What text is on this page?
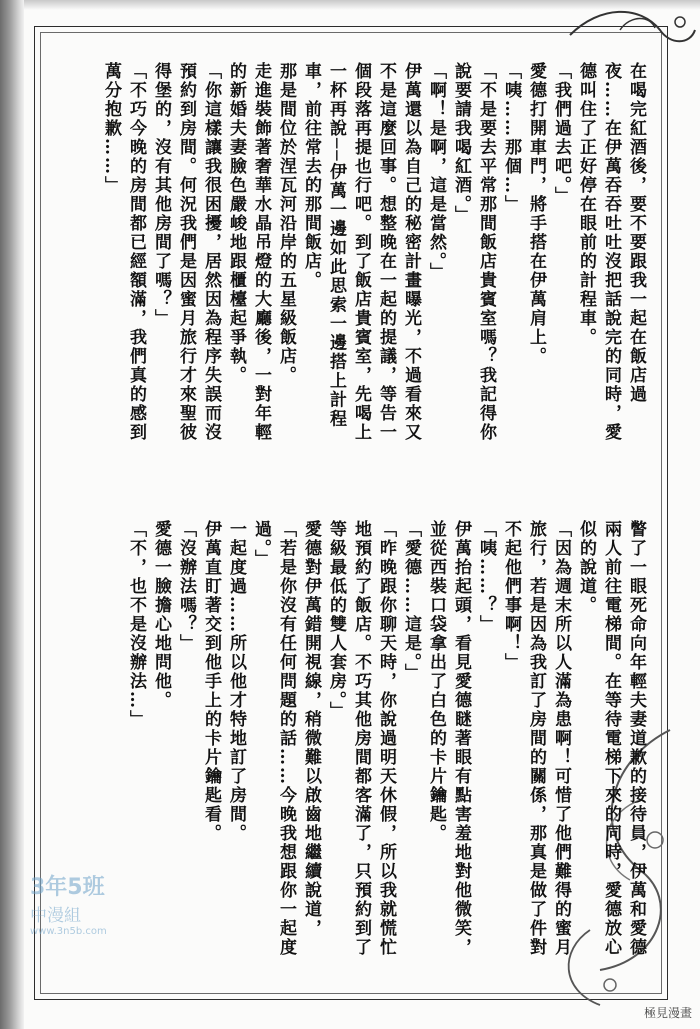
在喝完紅酒後，要不要跟我一起在飯店過夜……在伊萬吞吞吐吐沒把話說完的同時，愛德叫住了正好停在眼前的計程車。

「我們過去吧。」

愛德打開車門，將手搭在伊萬肩上。

「咦……那個…」

「不是要去平常那間飯店貴賓室嗎？我記得你說要請我喝紅酒。」

「啊！是啊，這是當然。」

伊萬還以為自己的秘密計畫曝光，不過看來又不是這麼回事。想整晚在一起的提議，等告一個段落再提也行吧。到了飯店貴賓室，先喝上一杯再說──伊萬一邊如此思索一邊搭上計程車，前往常去的那間飯店。

那是間位於涅瓦河沿岸的五星級飯店。

走進裝飾著奢華水晶吊燈的大廳後，一對年輕的新婚夫妻臉色嚴峻地跟櫃檯起爭執。

「你這樣讓我很困擾，居然因為程序失誤而沒預約到房間。何況我們是因蜜月旅行才來聖彼得堡的，沒有其他房間了嗎？」

「不巧今晚的房間都已經額滿，我們真的感到萬分抱歉……」

瞥了一眼死命向年輕夫妻道歉的接待員，伊萬和愛德兩人前往電梯間。在等待電梯下來的同時，愛德放心似的說道。

「因為週末所以人滿為患啊！可惜了他們難得的蜜月旅行，若是因為我訂了房間的關係，那真是做了件對不起他們事啊！」

「咦……？」

伊萬抬起頭，看見愛德瞇著眼有點害羞地對他微笑，並從西裝口袋拿出了白色的卡片鑰匙。

「愛德……這是。」

「昨晚跟你聊天時，你說過明天休假，所以我就慌忙地預約了飯店。不巧其他房間都客滿了，只預約到了等級最低的雙人套房。」

愛德對伊萬錯開視線，稍微難以啟齒地繼續說道，

「若是你沒有任何問題的話……今晚我想跟你一起度過。」

一起度過……所以他才特地訂了房間。

伊萬直盯著交到他手上的卡片鑰匙看。

「沒辦法嗎？」

愛德一臉擔心地問他。

「不，也不是沒辦法…」

3年5班
中漫組
www.3n5b.com
極見漫畫
